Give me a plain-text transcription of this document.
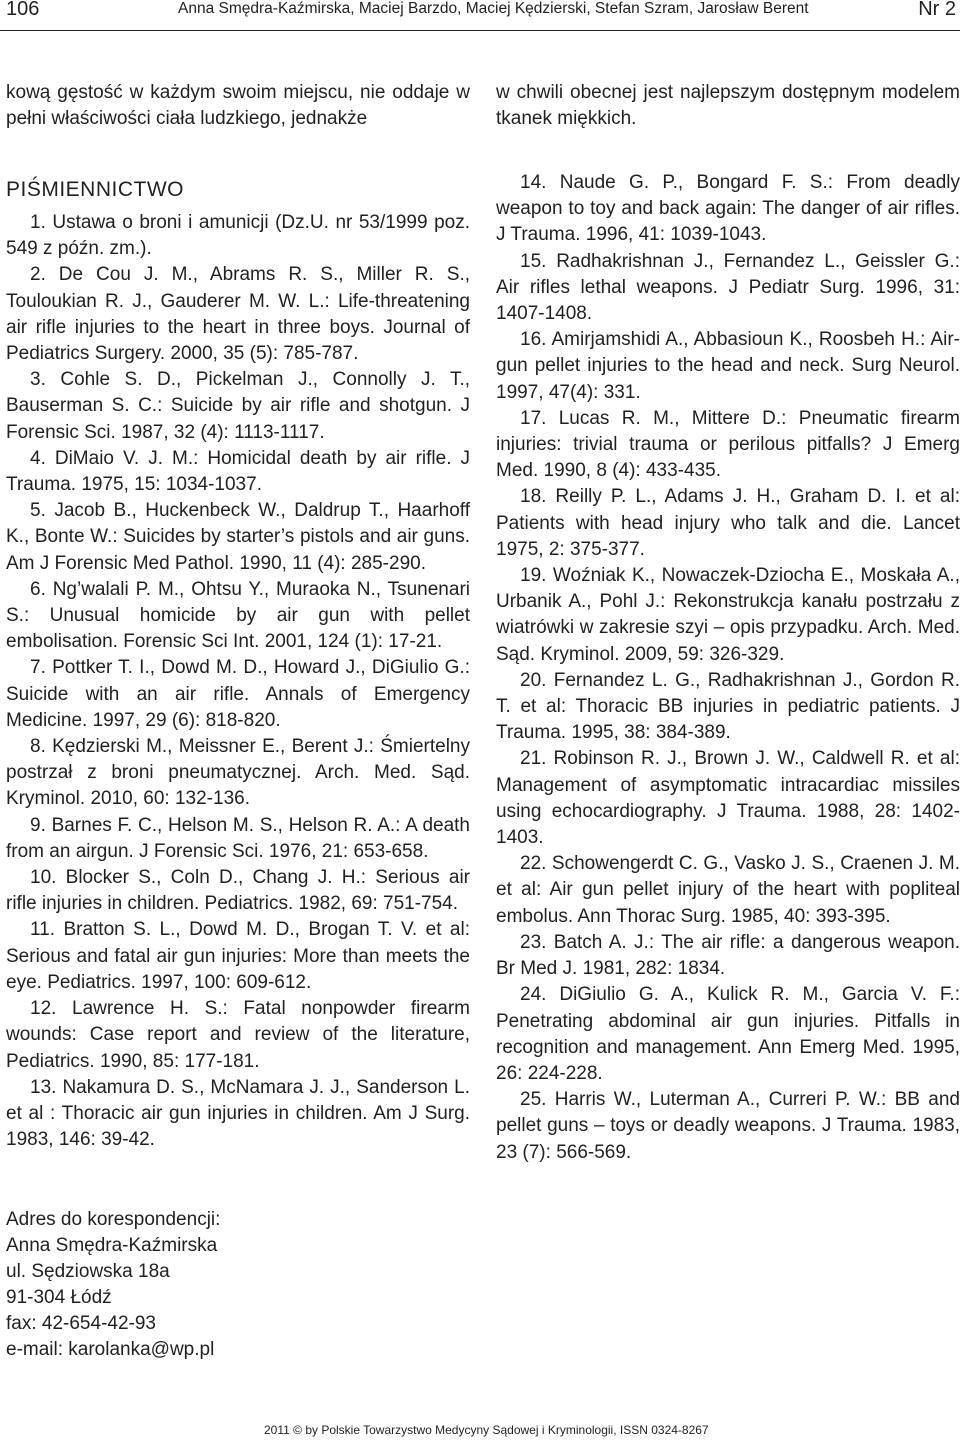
106	Anna Smędra-Kaźmirska, Maciej Barzdo, Maciej Kędzierski, Stefan Szram, Jarosław Berent	Nr 2

kową gęstość w każdym swoim miejscu, nie oddaje w pełni właściwości ciała ludzkiego, jednakże

PIŚMIENNICTWO

1. Ustawa o broni i amunicji (Dz.U. nr 53/1999 poz. 549 z późn. zm.).

2. De Cou J. M., Abrams R. S., Miller R. S., Touloukian R. J., Gauderer M. W. L.: Life-threatening air rifle injuries to the heart in three boys. Journal of Pediatrics Surgery. 2000, 35 (5): 785-787.

3. Cohle S. D., Pickelman J., Connolly J. T., Bauserman S. C.: Suicide by air rifle and shotgun. J Forensic Sci. 1987, 32 (4): 1113-1117.

4. DiMaio V. J. M.: Homicidal death by air rifle. J Trauma. 1975, 15: 1034-1037.

5. Jacob B., Huckenbeck W., Daldrup T., Haarhoff K., Bonte W.: Suicides by starter’s pistols and air guns. Am J Forensic Med Pathol. 1990, 11 (4): 285-290.

6. Ng’walali P. M., Ohtsu Y., Muraoka N., Tsunenari S.: Unusual homicide by air gun with pellet embolisation. Forensic Sci Int. 2001, 124 (1): 17-21.

7. Pottker T. I., Dowd M. D., Howard J., DiGiulio G.: Suicide with an air rifle. Annals of Emergency Medicine. 1997, 29 (6): 818-820.

8. Kędzierski M., Meissner E., Berent J.: Śmiertelny postrzał z broni pneumatycznej. Arch. Med. Sąd. Kryminol. 2010, 60: 132-136.

9. Barnes F. C., Helson M. S., Helson R. A.: A death from an airgun. J Forensic Sci. 1976, 21: 653-658.

10. Blocker S., Coln D., Chang J. H.: Serious air rifle injuries in children. Pediatrics. 1982, 69: 751-754.

11. Bratton S. L., Dowd M. D., Brogan T. V. et al: Serious and fatal air gun injuries: More than meets the eye. Pediatrics. 1997, 100: 609-612.

12. Lawrence H. S.: Fatal nonpowder firearm wounds: Case report and review of the literature, Pediatrics. 1990, 85: 177-181.

13. Nakamura D. S., McNamara J. J., Sanderson L. et al : Thoracic air gun injuries in children. Am J Surg. 1983, 146: 39-42.

w chwili obecnej jest najlepszym dostępnym modelem tkanek miękkich.

14. Naude G. P., Bongard F. S.: From deadly weapon to toy and back again: The danger of air rifles. J Trauma. 1996, 41: 1039-1043.

15. Radhakrishnan J., Fernandez L., Geissler G.: Air rifles lethal weapons. J Pediatr Surg. 1996, 31: 1407-1408.

16. Amirjamshidi A., Abbasioun K., Roosbeh H.: Air-gun pellet injuries to the head and neck. Surg Neurol. 1997, 47(4): 331.

17. Lucas R. M., Mittere D.: Pneumatic firearm injuries: trivial trauma or perilous pitfalls? J Emerg Med. 1990, 8 (4): 433-435.

18. Reilly P. L., Adams J. H., Graham D. I. et al: Patients with head injury who talk and die. Lancet 1975, 2: 375-377.

19. Woźniak K., Nowaczek-Dziocha E., Moskała A., Urbanik A., Pohl J.: Rekonstrukcja kanału postrzału z wiatrówki w zakresie szyi – opis przypadku. Arch. Med. Sąd. Kryminol. 2009, 59: 326-329.

20. Fernandez L. G., Radhakrishnan J., Gordon R. T. et al: Thoracic BB injuries in pediatric patients. J Trauma. 1995, 38: 384-389.

21. Robinson R. J., Brown J. W., Caldwell R. et al: Management of asymptomatic intracardiac missiles using echocardiography. J Trauma. 1988, 28: 1402-1403.

22. Schowengerdt C. G., Vasko J. S., Craenen J. M. et al: Air gun pellet injury of the heart with popliteal embolus. Ann Thorac Surg. 1985, 40: 393-395.

23. Batch A. J.: The air rifle: a dangerous weapon. Br Med J. 1981, 282: 1834.

24. DiGiulio G. A., Kulick R. M., Garcia V. F.: Penetrating abdominal air gun injuries. Pitfalls in recognition and management. Ann Emerg Med. 1995, 26: 224-228.

25. Harris W., Luterman A., Curreri P. W.: BB and pellet guns – toys or deadly weapons. J Trauma. 1983, 23 (7): 566-569.

Adres do korespondencji:
Anna Smędra-Kaźmirska
ul. Sędziowska 18a
91-304 Łódź
fax: 42-654-42-93
e-mail: karolanka@wp.pl
2011 © by Polskie Towarzystwo Medycyny Sądowej i Kryminologii, ISSN 0324-8267
